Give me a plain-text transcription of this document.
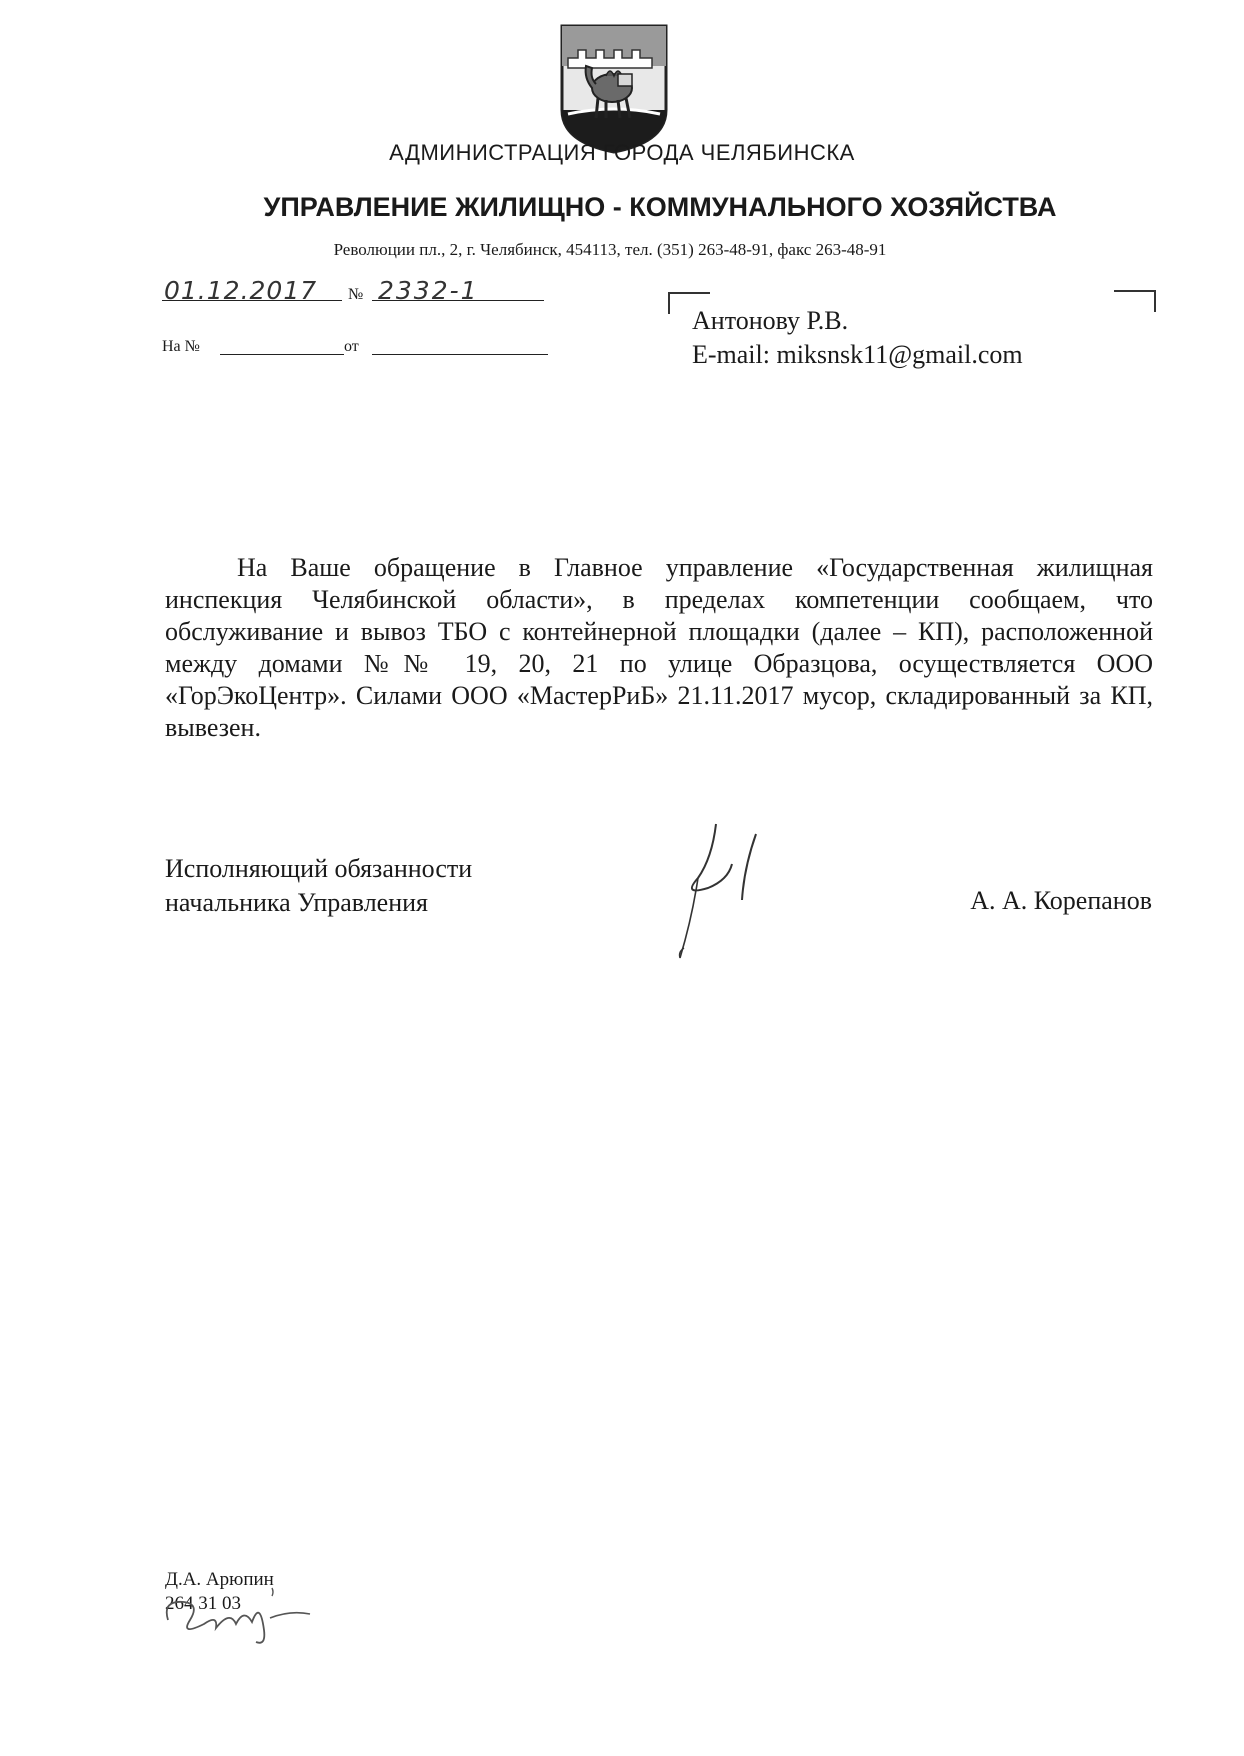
АДМИНИСТРАЦИЯ ГОРОДА ЧЕЛЯБИНСКА
УПРАВЛЕНИЕ ЖИЛИЩНО - КОММУНАЛЬНОГО ХОЗЯЙСТВА
Революции пл., 2, г. Челябинск, 454113, тел. (351) 263-48-91, факс 263-48-91
01.12.2017 № 2332-1
На №	от
Антонову Р.В.
E-mail: miksnsk11@gmail.com
На Ваше обращение в Главное управление «Государственная жилищная инспекция Челябинской области», в пределах компетенции сообщаем, что обслуживание и вывоз ТБО с контейнерной площадки (далее – КП), расположенной между домами №№ 19, 20, 21 по улице Образцова, осуществляется ООО «ГорЭкоЦентр». Силами ООО «МастерРиБ» 21.11.2017 мусор, складированный за КП, вывезен.
Исполняющий обязанности
начальника Управления	А. А. Корепанов
Д.А. Арюпин
264 31 03
